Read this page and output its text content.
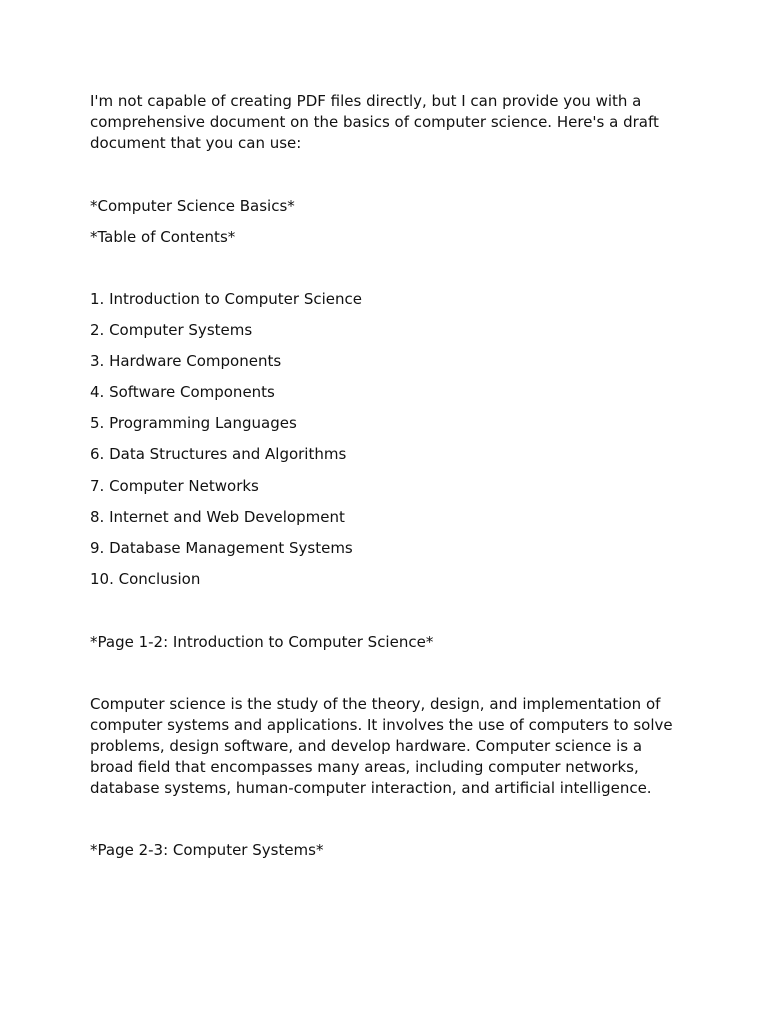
I'm not capable of creating PDF files directly, but I can provide you with a comprehensive document on the basics of computer science. Here's a draft document that you can use:

*Computer Science Basics*

*Table of Contents*

1. Introduction to Computer Science
2. Computer Systems
3. Hardware Components
4. Software Components
5. Programming Languages
6. Data Structures and Algorithms
7. Computer Networks
8. Internet and Web Development
9. Database Management Systems
10. Conclusion

*Page 1-2: Introduction to Computer Science*

Computer science is the study of the theory, design, and implementation of computer systems and applications. It involves the use of computers to solve problems, design software, and develop hardware. Computer science is a broad field that encompasses many areas, including computer networks, database systems, human-computer interaction, and artificial intelligence.

*Page 2-3: Computer Systems*
